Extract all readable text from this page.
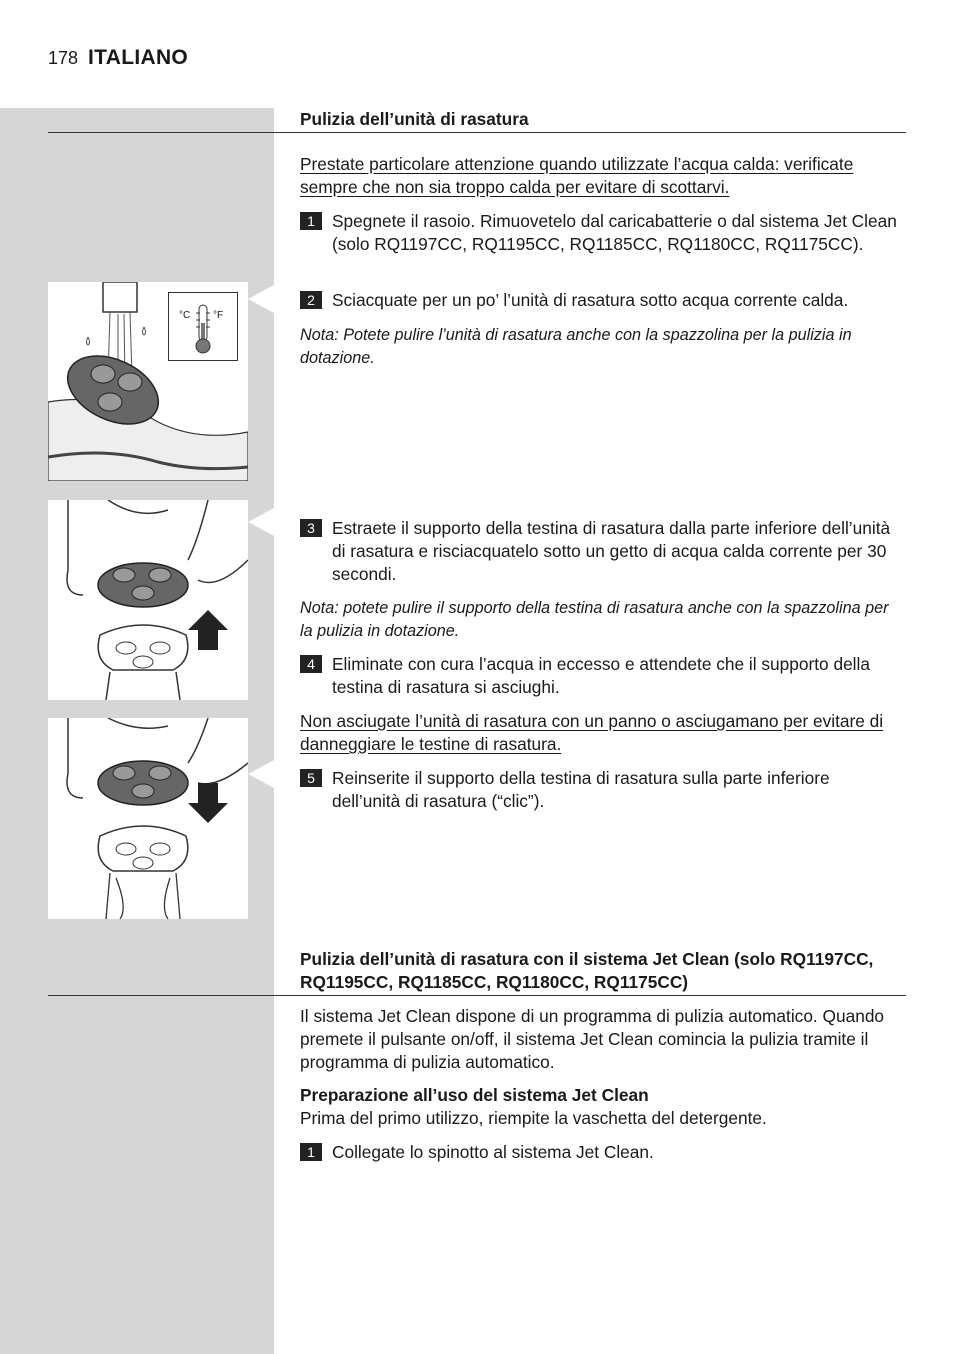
178 ITALIANO

Pulizia dell’unità di rasatura

Prestate particolare attenzione quando utilizzate l’acqua calda: verificate sempre che non sia troppo calda per evitare di scottarvi.

1 Spegnete il rasoio. Rimuovetelo dal caricabatterie o dal sistema Jet Clean (solo RQ1197CC, RQ1195CC, RQ1185CC, RQ1180CC, RQ1175CC).
2 Sciacquate per un po’ l’unità di rasatura sotto acqua corrente calda.

Nota: Potete pulire l’unità di rasatura anche con la spazzolina per la pulizia in dotazione.

3 Estraete il supporto della testina di rasatura dalla parte inferiore dell’unità di rasatura e risciacquatelo sotto un getto di acqua calda corrente per 30 secondi.

Nota: potete pulire il supporto della testina di rasatura anche con la spazzolina per la pulizia in dotazione.

4 Eliminate con cura l’acqua in eccesso e attendete che il supporto della testina di rasatura si asciughi.

Non asciugate l’unità di rasatura con un panno o asciugamano per evitare di danneggiare le testine di rasatura.

5 Reinserite il supporto della testina di rasatura sulla parte inferiore dell’unità di rasatura (“clic”).
°C °F

Pulizia dell’unità di rasatura con il sistema Jet Clean (solo RQ1197CC, RQ1195CC, RQ1185CC, RQ1180CC, RQ1175CC)

Il sistema Jet Clean dispone di un programma di pulizia automatico. Quando premete il pulsante on/off, il sistema Jet Clean comincia la pulizia tramite il programma di pulizia automatico.

Preparazione all’uso del sistema Jet Clean

Prima del primo utilizzo, riempite la vaschetta del detergente.

1 Collegate lo spinotto al sistema Jet Clean.
